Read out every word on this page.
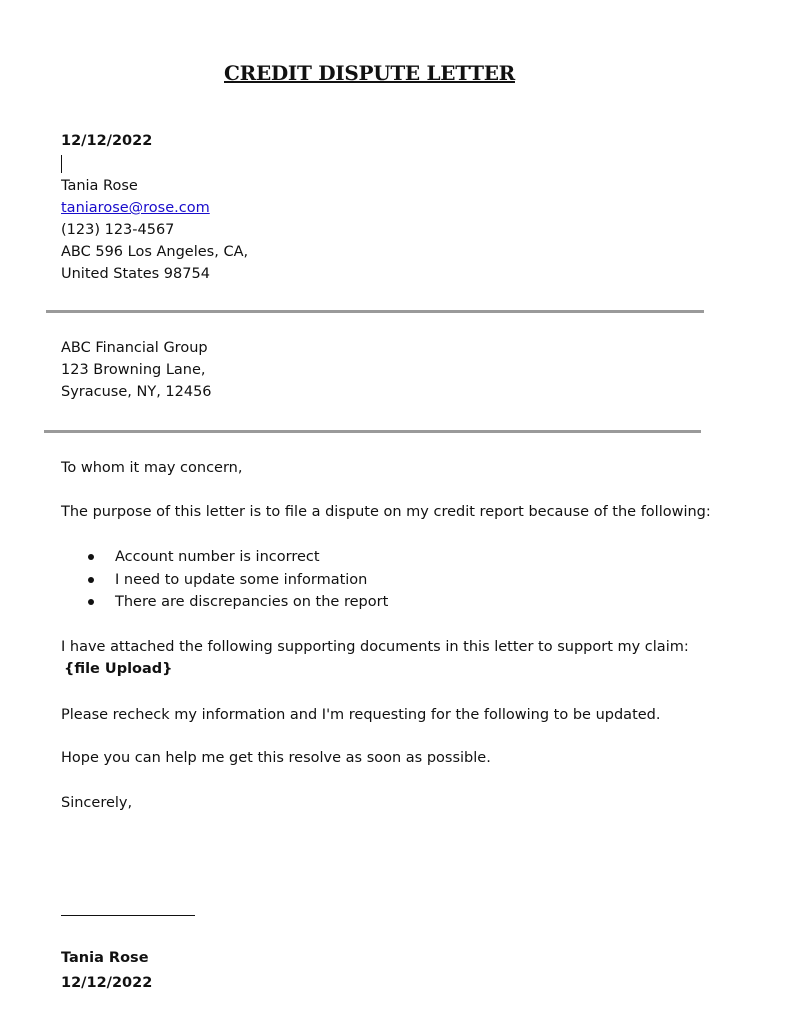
CREDIT DISPUTE LETTER
12/12/2022
Tania Rose
taniarose@rose.com
(123) 123-4567
ABC 596 Los Angeles, CA,
United States 98754
ABC Financial Group
123 Browning Lane,
Syracuse, NY, 12456
To whom it may concern,
The purpose of this letter is to file a dispute on my credit report because of the following:
Account number is incorrect
I need to update some information
There are discrepancies on the report
I have attached the following supporting documents in this letter to support my claim:
{file Upload}
Please recheck my information and I'm requesting for the following to be updated.
Hope you can help me get this resolve as soon as possible.
Sincerely,
Tania Rose
12/12/2022
